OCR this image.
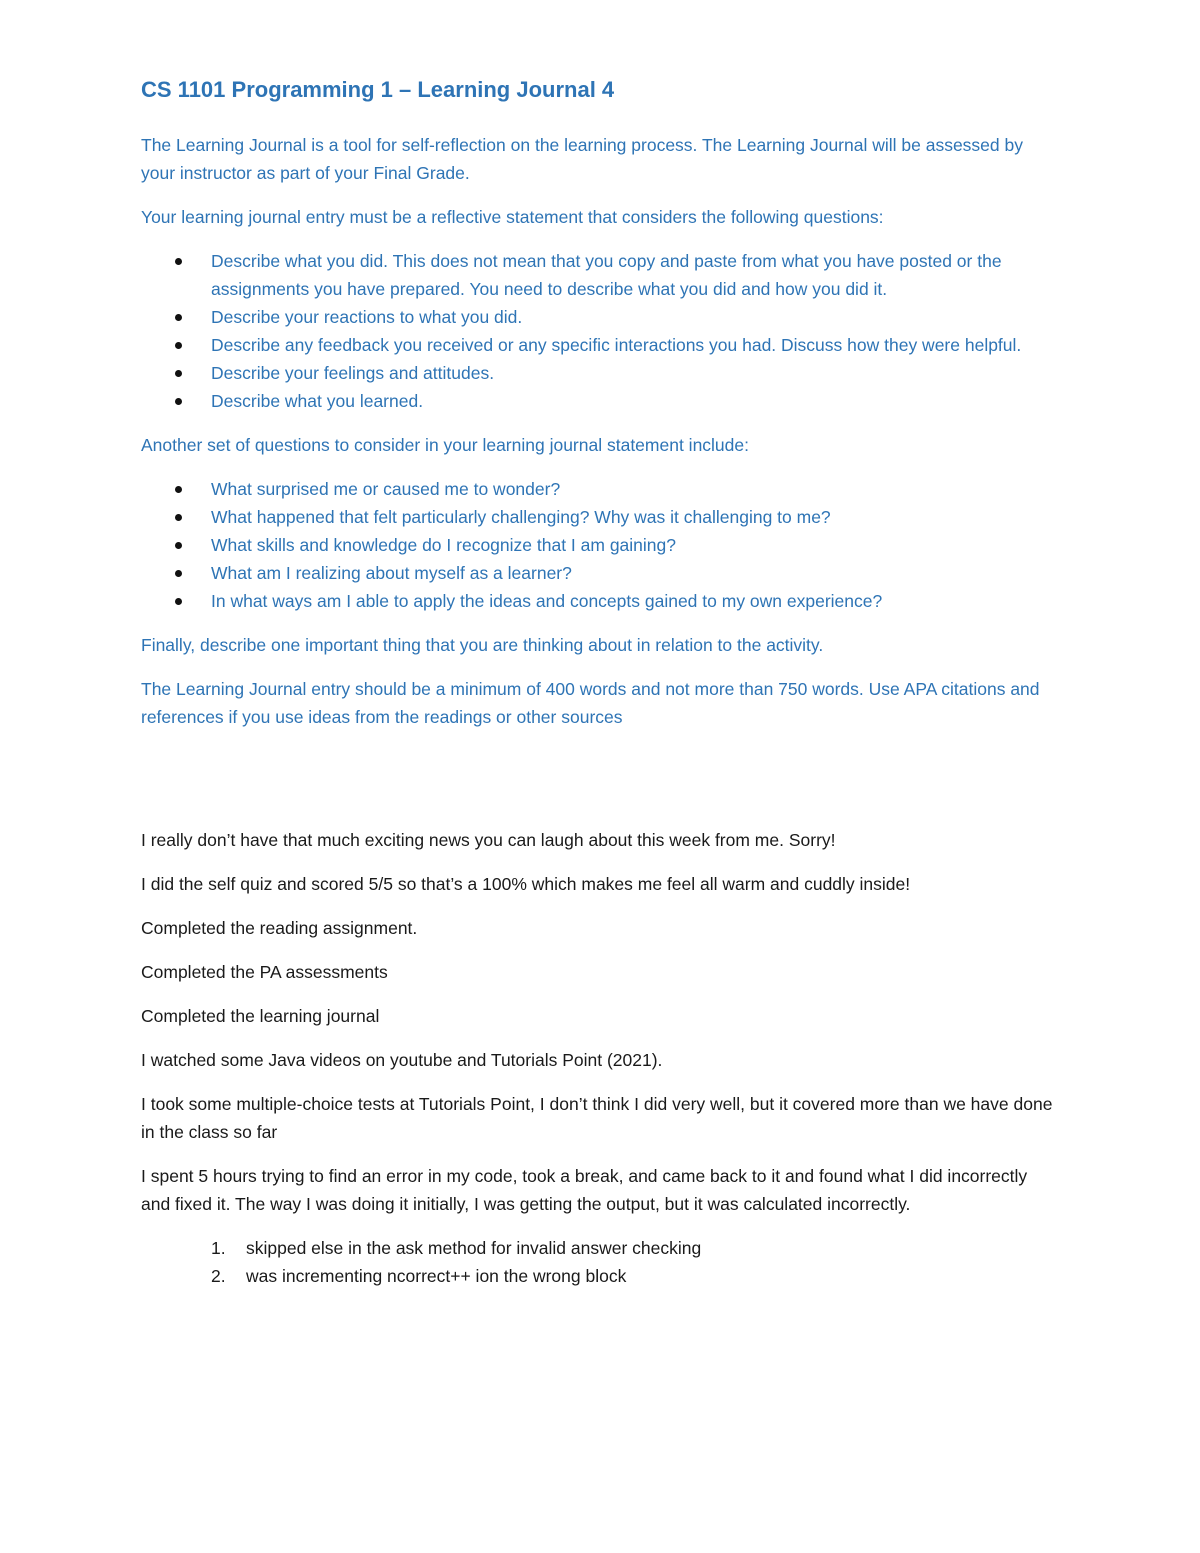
CS 1101 Programming 1 – Learning Journal 4

The Learning Journal is a tool for self-reflection on the learning process. The Learning Journal will be assessed by your instructor as part of your Final Grade.

Your learning journal entry must be a reflective statement that considers the following questions:

Describe what you did. This does not mean that you copy and paste from what you have posted or the assignments you have prepared. You need to describe what you did and how you did it.
Describe your reactions to what you did.
Describe any feedback you received or any specific interactions you had. Discuss how they were helpful.
Describe your feelings and attitudes.
Describe what you learned.

Another set of questions to consider in your learning journal statement include:

What surprised me or caused me to wonder?
What happened that felt particularly challenging? Why was it challenging to me?
What skills and knowledge do I recognize that I am gaining?
What am I realizing about myself as a learner?
In what ways am I able to apply the ideas and concepts gained to my own experience?

Finally, describe one important thing that you are thinking about in relation to the activity.

The Learning Journal entry should be a minimum of 400 words and not more than 750 words. Use APA citations and references if you use ideas from the readings or other sources

I really don’t have that much exciting news you can laugh about this week from me. Sorry!

I did the self quiz and scored 5/5 so that’s a 100% which makes me feel all warm and cuddly inside!

Completed the reading assignment.

Completed the PA assessments

Completed the learning journal

I watched some Java videos on youtube and Tutorials Point (2021).

I took some multiple-choice tests at Tutorials Point, I don’t think I did very well, but it covered more than we have done in the class so far

I spent 5 hours trying to find an error in my code, took a break, and came back to it and found what I did incorrectly and fixed it. The way I was doing it initially, I was getting the output, but it was calculated incorrectly.

1. skipped else in the ask method for invalid answer checking
2. was incrementing ncorrect++ ion the wrong block
